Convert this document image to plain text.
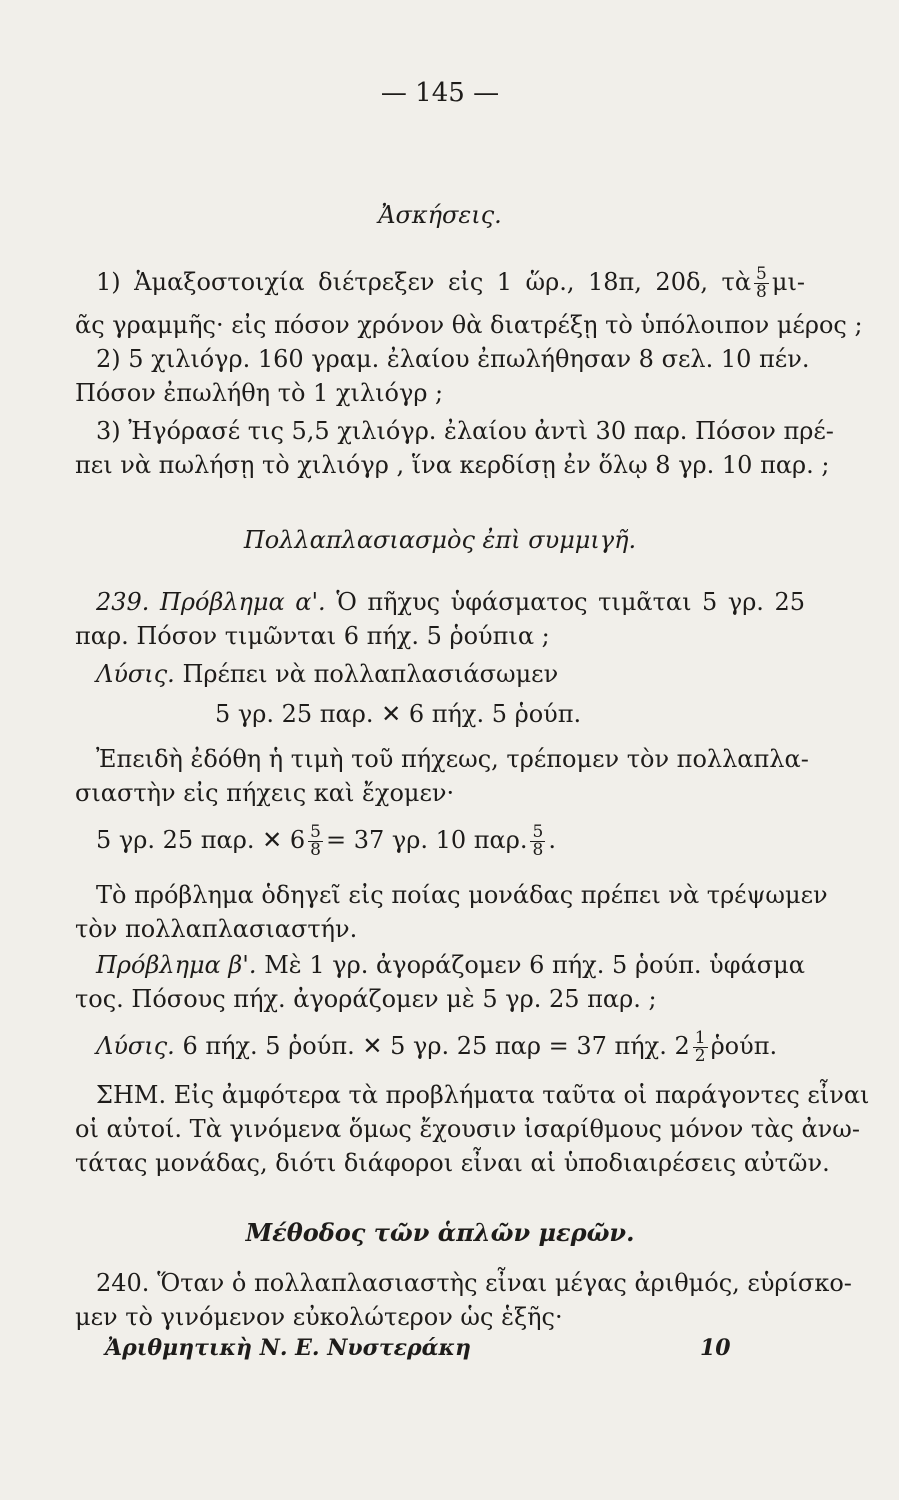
— 145 —
Ἀσκήσεις.
1) Ἁμαξοστοιχία διέτρεξεν εἰς 1 ὥρ., 18π, 20δ, τὰ $\frac{5}{8} \mu\iota-$
ᾶς γραμμῆς· εἰς πόσον χρόνον θὰ διατρέξῃ τὸ ὑπόλοιπον μέρος ;
2) 5 χιλιόγρ. 160 γραμ. ἐλαίου ἐπωλήθησαν 8 σελ. 10 πέν.
Πόσον ἐπωλήθη τὸ 1 χιλιόγρ ;
3) Ἠγόρασέ τις 5,5 χιλιόγρ. ἐλαίου ἀντὶ 30 παρ. Πόσον πρέ-
πει νὰ πωλήσῃ τὸ χιλιόγρ , ἵνα κερδίσῃ ἐν ὅλῳ 8 γρ. 10 παρ. ;
Πολλαπλασιασμὸς ἐπὶ συμμιγῆ.
239. Πρόβλημα α'. Ὁ πῆχυς ὑφάσματος τιμᾶται 5 γρ. 25
παρ. Πόσον τιμῶνται 6 πήχ. 5 ῥούπια ;
Λύσις. Πρέπει νὰ πολλαπλασιάσωμεν
5 γρ. 25 παρ. ✕ 6 πήχ. 5 ῥούπ.
Ἐπειδὴ ἐδόθη ἡ τιμὴ τοῦ πήχεως, τρέπομεν τὸν πολλαπλα-
σιαστὴν εἰς πήχεις καὶ ἔχομεν·
5 γρ. 25 παρ. ✕ $6 \frac{5}{8} = 37$ γρ. 10 παρ. $\frac{5}{8}$ .
Τὸ πρόβλημα ὁδηγεῖ εἰς ποίας μονάδας πρέπει νὰ τρέψωμεν
τὸν πολλαπλασιαστήν.
Πρόβλημα β'. Μὲ 1 γρ. ἀγοράζομεν 6 πήχ. 5 ῥούπ. ὑφάσμα
τος. Πόσους πήχ. ἀγοράζομεν μὲ 5 γρ. 25 παρ. ;
Λύσις. 6 πήχ. 5 ῥούπ. ✕ 5 γρ. 25 παρ = 37 πήχ. $2 \frac{1}{2}$ ῥούπ.
ΣΗΜ. Εἰς ἀμφότερα τὰ προβλήματα ταῦτα οἱ παράγοντες εἶναι
οἱ αὐτοί. Τὰ γινόμενα ὅμως ἔχουσιν ἰσαρίθμους μόνον τὰς ἀνω-
τάτας μονάδας, διότι διάφοροι εἶναι αἱ ὑποδιαιρέσεις αὐτῶν.
Μέθοδος τῶν ἁπλῶν μερῶν.
240. Ὅταν ὁ πολλαπλασιαστὴς εἶναι μέγας ἀριθμός, εὑρίσκο-
μεν τὸ γινόμενον εὐκολώτερον ὡς ἑξῆς·
Ἀριθμητικὴ Ν. Ε. Νυστεράκη	10
